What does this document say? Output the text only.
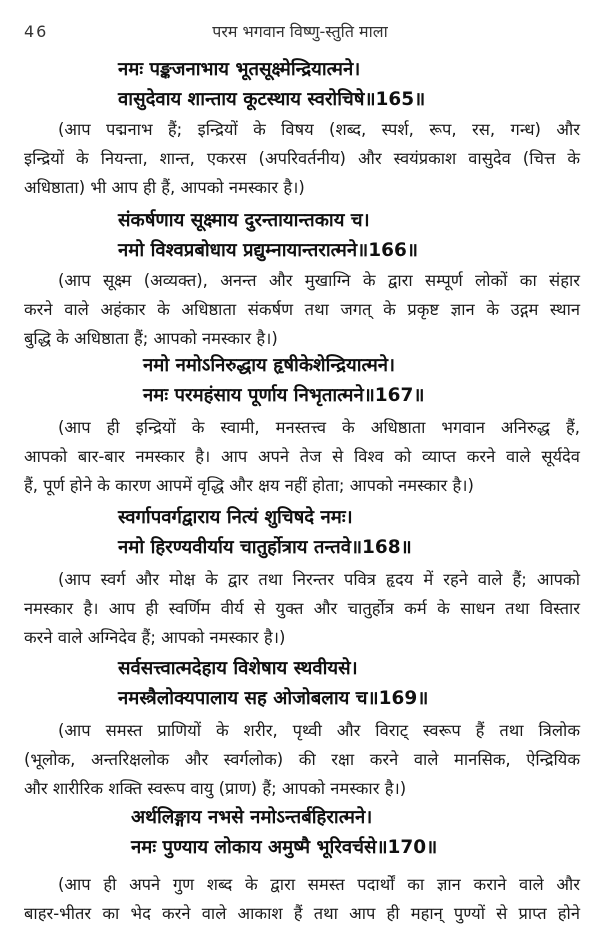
46	परम भगवान विष्णु-स्तुति माला
नमः पङ्कजनाभाय भूतसूक्ष्मेन्द्रियात्मने।
वासुदेवाय शान्ताय कूटस्थाय स्वरोचिषे॥165॥
(आप पद्मनाभ हैं; इन्द्रियों के विषय (शब्द, स्पर्श, रूप, रस, गन्ध) और
इन्द्रियों के नियन्ता, शान्त, एकरस (अपरिवर्तनीय) और स्वयंप्रकाश वासुदेव (चित्त के
अधिष्ठाता) भी आप ही हैं, आपको नमस्कार है।)
संकर्षणाय सूक्ष्माय दुरन्तायान्तकाय च।
नमो विश्वप्रबोधाय प्रद्युम्नायान्तरात्मने॥166॥
(आप सूक्ष्म (अव्यक्त), अनन्त और मुखाग्नि के द्वारा सम्पूर्ण लोकों का संहार
करने वाले अहंकार के अधिष्ठाता संकर्षण तथा जगत् के प्रकृष्ट ज्ञान के उद्गम स्थान
बुद्धि के अधिष्ठाता हैं; आपको नमस्कार है।)
नमो नमोऽनिरुद्धाय हृषीकेशेन्द्रियात्मने।
नमः परमहंसाय पूर्णाय निभृतात्मने॥167॥
(आप ही इन्द्रियों के स्वामी, मनस्तत्त्व के अधिष्ठाता भगवान अनिरुद्ध हैं,
आपको बार-बार नमस्कार है। आप अपने तेज से विश्व को व्याप्त करने वाले सूर्यदेव
हैं, पूर्ण होने के कारण आपमें वृद्धि और क्षय नहीं होता; आपको नमस्कार है।)
स्वर्गापवर्गद्वाराय नित्यं शुचिषदे नमः।
नमो हिरण्यवीर्याय चातुर्होत्राय तन्तवे॥168॥
(आप स्वर्ग और मोक्ष के द्वार तथा निरन्तर पवित्र हृदय में रहने वाले हैं; आपको
नमस्कार है। आप ही स्वर्णिम वीर्य से युक्त और चातुर्होत्र कर्म के साधन तथा विस्तार
करने वाले अग्निदेव हैं; आपको नमस्कार है।)
सर्वसत्त्वात्मदेहाय विशेषाय स्थवीयसे।
नमस्त्रैलोक्यपालाय सह ओजोबलाय च॥169॥
(आप समस्त प्राणियों के शरीर, पृथ्वी और विराट् स्वरूप हैं तथा त्रिलोक
(भूलोक, अन्तरिक्षलोक और स्वर्गलोक) की रक्षा करने वाले मानसिक, ऐन्द्रियिक
और शारीरिक शक्ति स्वरूप वायु (प्राण) हैं; आपको नमस्कार है।)
अर्थलिङ्गाय नभसे नमोऽन्तर्बहिरात्मने।
नमः पुण्याय लोकाय अमुष्मै भूरिवर्चसे॥170॥
(आप ही अपने गुण शब्द के द्वारा समस्त पदार्थों का ज्ञान कराने वाले और
बाहर-भीतर का भेद करने वाले आकाश हैं तथा आप ही महान् पुण्यों से प्राप्त होने
